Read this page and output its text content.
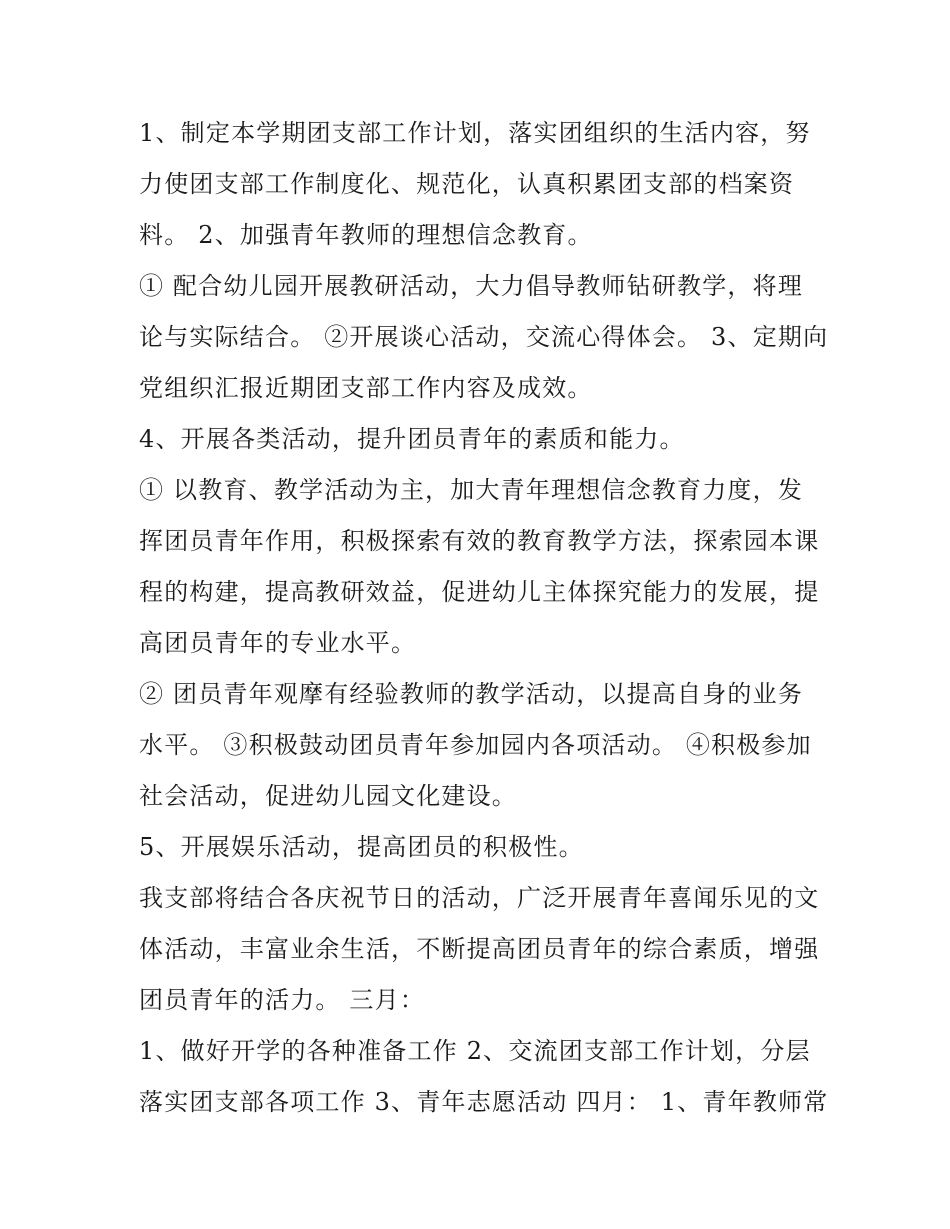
1、制定本学期团支部工作计划，落实团组织的生活内容，努

力使团支部工作制度化、规范化，认真积累团支部的档案资

料。 2、加强青年教师的理想信念教育。

① 配合幼儿园开展教研活动，大力倡导教师钻研教学，将理

论与实际结合。 ②开展谈心活动，交流心得体会。 3、定期向

党组织汇报近期团支部工作内容及成效。

4、开展各类活动，提升团员青年的素质和能力。

① 以教育、教学活动为主，加大青年理想信念教育力度，发

挥团员青年作用，积极探索有效的教育教学方法，探索园本课

程的构建，提高教研效益，促进幼儿主体探究能力的发展，提

高团员青年的专业水平。

② 团员青年观摩有经验教师的教学活动，以提高自身的业务

水平。 ③积极鼓动团员青年参加园内各项活动。 ④积极参加

社会活动，促进幼儿园文化建设。

5、开展娱乐活动，提高团员的积极性。

我支部将结合各庆祝节日的活动，广泛开展青年喜闻乐见的文

体活动，丰富业余生活，不断提高团员青年的综合素质，增强

团员青年的活力。 三月：

1、做好开学的各种准备工作 2、交流团支部工作计划，分层

落实团支部各项工作 3、青年志愿活动 四月： 1、青年教师常
